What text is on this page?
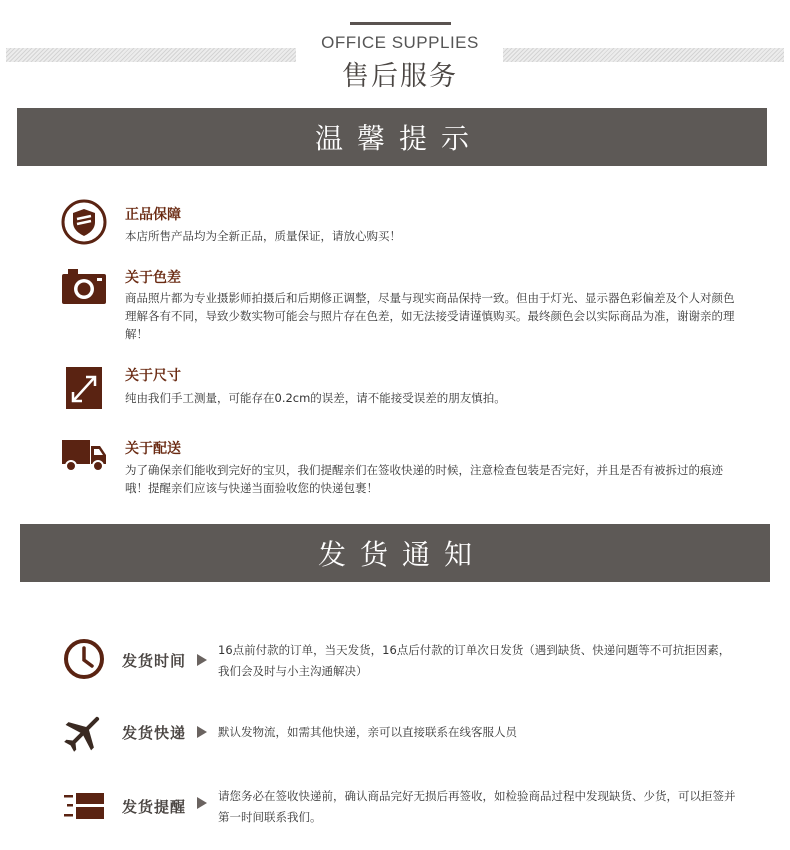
OFFICE SUPPLIES
售后服务
温馨提示
正品保障
本店所售产品均为全新正品，质量保证，请放心购买！
关于色差
商品照片都为专业摄影师拍摄后和后期修正调整，尽量与现实商品保持一致。但由于灯光、显示器色彩偏差及个人对颜色理解各有不同，导致少数实物可能会与照片存在色差，如无法接受请谨慎购买。最终颜色会以实际商品为准，谢谢亲的理解！
关于尺寸
纯由我们手工测量，可能存在0.2cm的误差，请不能接受误差的朋友慎拍。
关于配送
为了确保亲们能收到完好的宝贝，我们提醒亲们在签收快递的时候，注意检查包装是否完好，并且是否有被拆过的痕迹哦！提醒亲们应该与快递当面验收您的快递包裹！
发货通知
发货时间
16点前付款的订单，当天发货，16点后付款的订单次日发货（遇到缺货、快递问题等不可抗拒因素，我们会及时与小主沟通解决）
发货快递	默认发物流，如需其他快递，亲可以直接联系在线客服人员
发货提醒
请您务必在签收快递前，确认商品完好无损后再签收，如检验商品过程中发现缺货、少货，可以拒签并第一时间联系我们。
